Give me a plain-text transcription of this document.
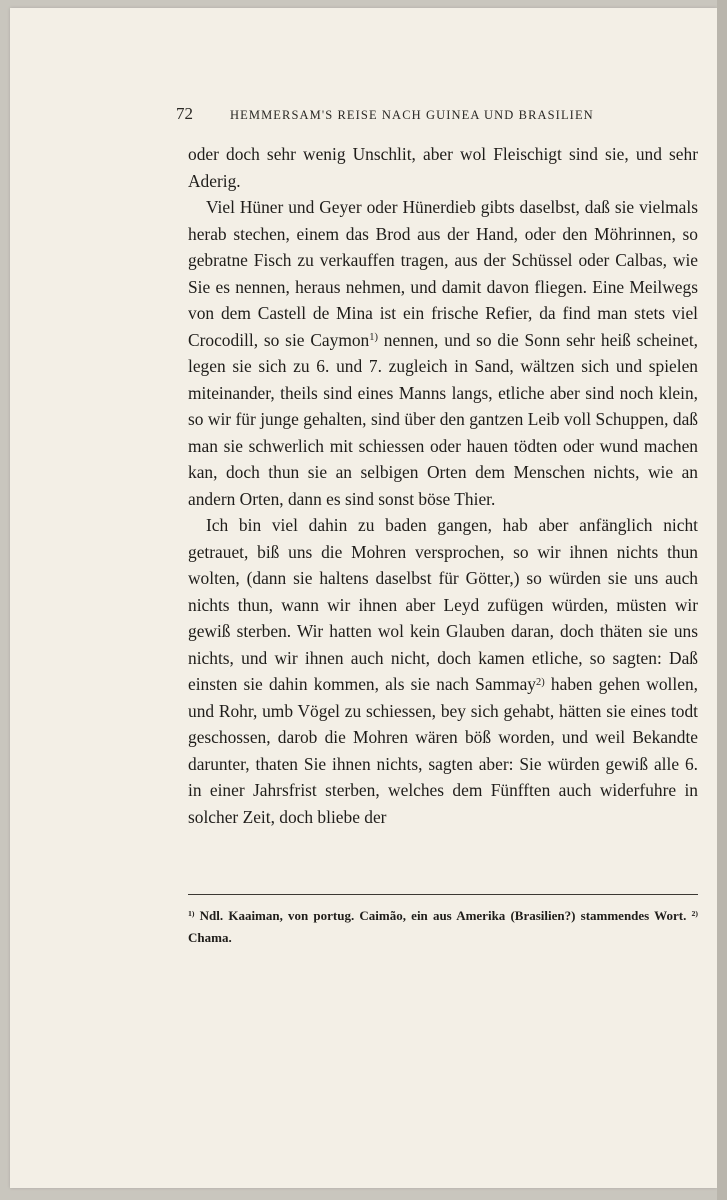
72	HEMMERSAM'S REISE NACH GUINEA UND BRASILIEN

oder doch sehr wenig Unschlit, aber wol Fleischigt sind sie, und sehr Aderig.

Viel Hüner und Geyer oder Hünerdieb gibts daselbst, daß sie vielmals herab stechen, einem das Brod aus der Hand, oder den Möhrinnen, so gebratne Fisch zu verkauffen tragen, aus der Schüssel oder Calbas, wie Sie es nennen, heraus nehmen, und damit davon fliegen. Eine Meilwegs von dem Castell de Mina ist ein frische Refier, da find man stets viel Crocodill, so sie Caymon$^{1)}$ nennen, und so die Sonn sehr heiß scheinet, legen sie sich zu 6. und 7. zugleich in Sand, wältzen sich und spielen miteinander, theils sind eines Manns langs, etliche aber sind noch klein, so wir für junge gehalten, sind über den gantzen Leib voll Schuppen, daß man sie schwerlich mit schiessen oder hauen tödten oder wund machen kan, doch thun sie an selbigen Orten dem Menschen nichts, wie an andern Orten, dann es sind sonst böse Thier.

Ich bin viel dahin zu baden gangen, hab aber anfänglich nicht getrauet, biß uns die Mohren versprochen, so wir ihnen nichts thun wolten, (dann sie haltens daselbst für Götter,) so würden sie uns auch nichts thun, wann wir ihnen aber Leyd zufügen würden, müsten wir gewiß sterben. Wir hatten wol kein Glauben daran, doch thäten sie uns nichts, und wir ihnen auch nicht, doch kamen etliche, so sagten: Daß einsten sie dahin kommen, als sie nach Sammay$^{2)}$ haben gehen wollen, und Rohr, umb Vögel zu schiessen, bey sich gehabt, hätten sie eines todt geschossen, darob die Mohren wären böß worden, und weil Bekandte darunter, thaten Sie ihnen nichts, sagten aber: Sie würden gewiß alle 6. in einer Jahrsfrist sterben, welches dem Fünfften auch widerfuhre in solcher Zeit, doch bliebe der

$^{1)}$ Ndl. Kaaiman, von portug. Caimão, ein aus Amerika (Brasilien?) stammendes Wort. $^{2)}$ Chama.
